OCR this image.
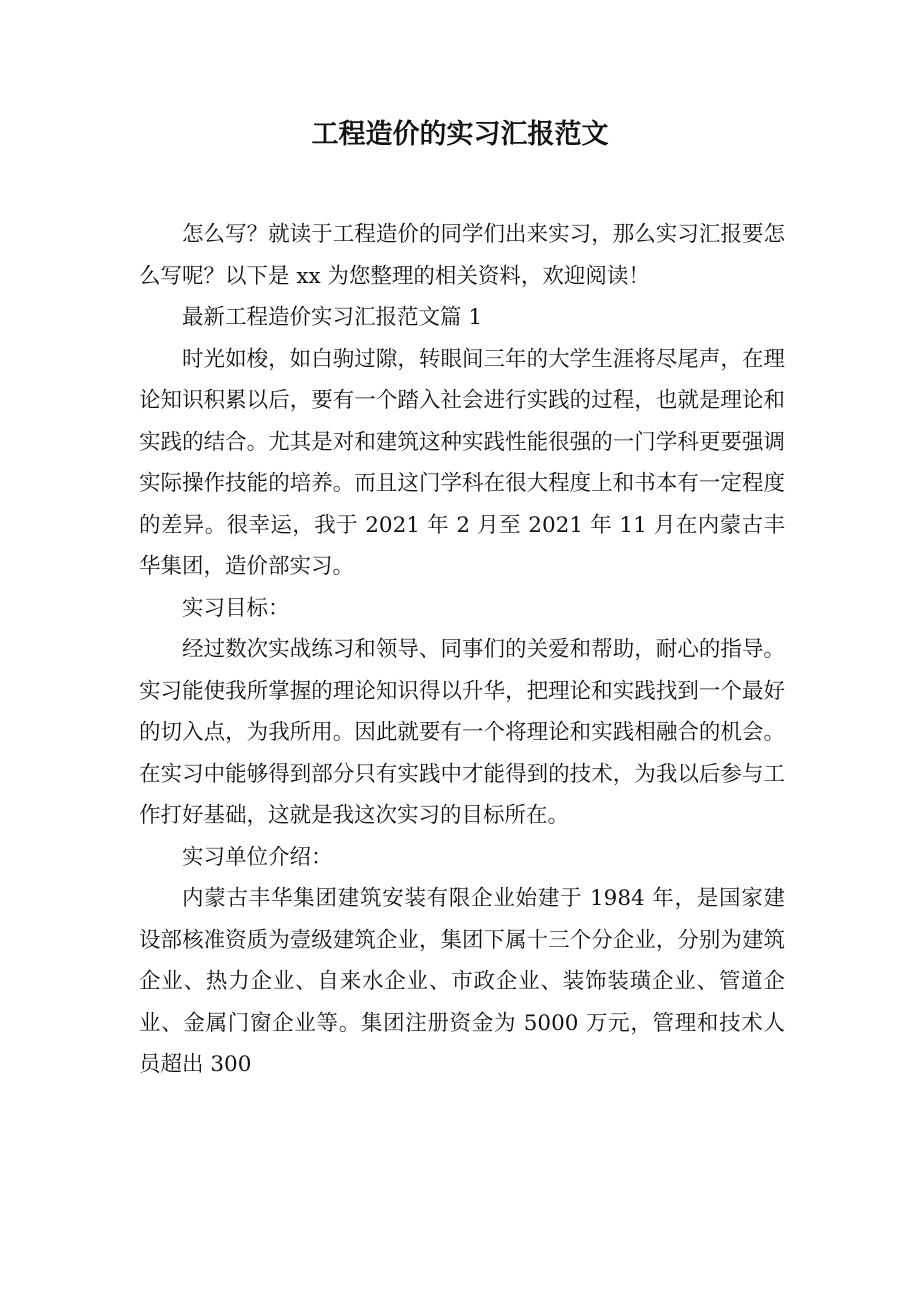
工程造价的实习汇报范文

怎么写？就读于工程造价的同学们出来实习，那么实习汇报要怎么写呢？以下是 xx 为您整理的相关资料，欢迎阅读！

最新工程造价实习汇报范文篇 1

时光如梭，如白驹过隙，转眼间三年的大学生涯将尽尾声，在理论知识积累以后，要有一个踏入社会进行实践的过程，也就是理论和实践的结合。尤其是对和建筑这种实践性能很强的一门学科更要强调实际操作技能的培养。而且这门学科在很大程度上和书本有一定程度的差异。很幸运，我于 2021 年 2 月至 2021 年 11 月在内蒙古丰华集团，造价部实习。

实习目标：

经过数次实战练习和领导、同事们的关爱和帮助，耐心的指导。实习能使我所掌握的理论知识得以升华，把理论和实践找到一个最好的切入点，为我所用。因此就要有一个将理论和实践相融合的机会。在实习中能够得到部分只有实践中才能得到的技术，为我以后参与工作打好基础，这就是我这次实习的目标所在。

实习单位介绍：

内蒙古丰华集团建筑安装有限企业始建于 1984 年，是国家建设部核准资质为壹级建筑企业，集团下属十三个分企业，分别为建筑企业、热力企业、自来水企业、市政企业、装饰装璜企业、管道企业、金属门窗企业等。集团注册资金为 5000 万元，管理和技术人员超出 300
